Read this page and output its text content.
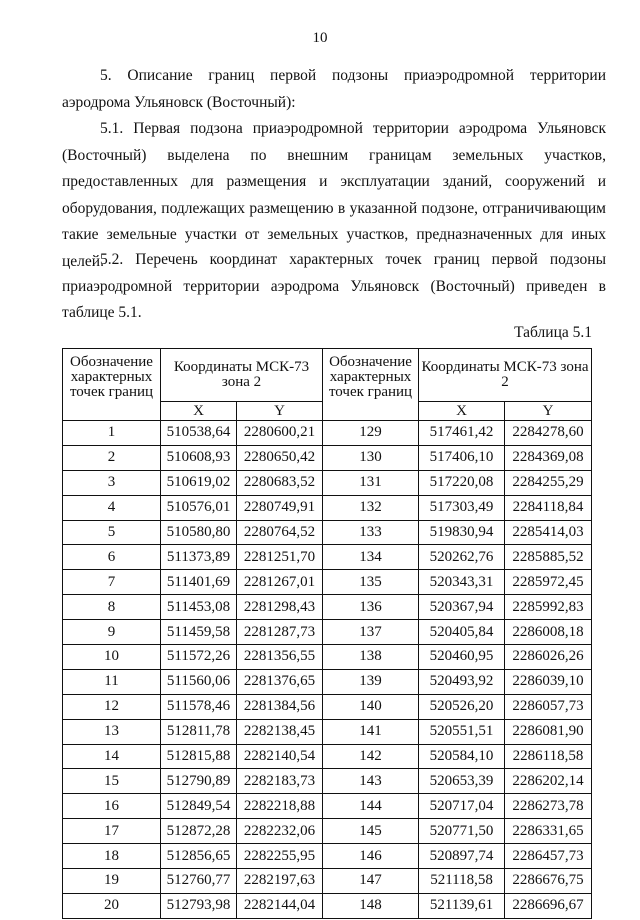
10
5. Описание границ первой подзоны приаэродромной территории аэродрома Ульяновск (Восточный):
5.1. Первая подзона приаэродромной территории аэродрома Ульяновск (Восточный) выделена по внешним границам земельных участков, предоставленных для размещения и эксплуатации зданий, сооружений и оборудования, подлежащих размещению в указанной подзоне, отграничивающим такие земельные участки от земельных участков, предназначенных для иных целей.
5.2. Перечень координат характерных точек границ первой подзоны приаэродромной территории аэродрома Ульяновск (Восточный) приведен в таблице 5.1.
Таблица 5.1
Обозначение характерных точек границ	Координаты МСК-73 зона 2		Обозначение характерных точек границ	Координаты МСК-73 зона 2	
	X	Y		X	Y
1	510538,64	2280600,21	129	517461,42	2284278,60
2	510608,93	2280650,42	130	517406,10	2284369,08
3	510619,02	2280683,52	131	517220,08	2284255,29
4	510576,01	2280749,91	132	517303,49	2284118,84
5	510580,80	2280764,52	133	519830,94	2285414,03
6	511373,89	2281251,70	134	520262,76	2285885,52
7	511401,69	2281267,01	135	520343,31	2285972,45
8	511453,08	2281298,43	136	520367,94	2285992,83
9	511459,58	2281287,73	137	520405,84	2286008,18
10	511572,26	2281356,55	138	520460,95	2286026,26
11	511560,06	2281376,65	139	520493,92	2286039,10
12	511578,46	2281384,56	140	520526,20	2286057,73
13	512811,78	2282138,45	141	520551,51	2286081,90
14	512815,88	2282140,54	142	520584,10	2286118,58
15	512790,89	2282183,73	143	520653,39	2286202,14
16	512849,54	2282218,88	144	520717,04	2286273,78
17	512872,28	2282232,06	145	520771,50	2286331,65
18	512856,65	2282255,95	146	520897,74	2286457,73
19	512760,77	2282197,63	147	521118,58	2286676,75
20	512793,98	2282144,04	148	521139,61	2286696,67
